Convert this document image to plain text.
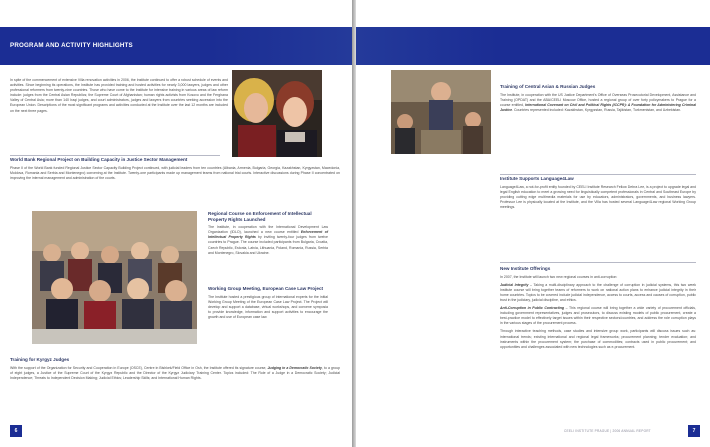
PROGRAM AND ACTIVITY HIGHLIGHTS
In spite of the commencement of extensive Villa renovation activities in 2006, the Institute continued to offer a robust schedule of events and activities. Since beginning its operations, the Institute has provided training and hosted activities for nearly 3,000 lawyers, judges and other professional reformers from twenty-nine countries. Those who have come to the Institute for intensive training in various areas of law reform include: judges from the Central Asian Republics; the Supreme Court of Afghanistan; human rights activists from Kosovo and the Ferghana Valley of Central Asia; more than 140 Iraqi judges, and court administrators, judges and lawyers from countries seeking accession into the European Union. Descriptions of the most significant programs and activities conducted at the Institute over the last 12 months are included on the next three pages.
World Bank Regional Project on Building Capacity in Justice Sector Management
Phase II of the World Bank funded Regional Justice Sector Capacity Building Project continued, with judicial leaders from ten countries (Albania, Armenia, Bulgaria, Georgia, Kazakhstan, Kyrgyzstan, Macedonia, Moldova, Romania and Serbia and Montenegro) convening at the Institute. Twenty-one participants made up management teams from national trial courts. Interactive discussions during Phase II concentrated on improving the internal management and administration of the courts.
Regional Course on Enforcement of Intellectual Property Rights Launched
The Institute, in cooperation with the International Development Law Organization (IDLO), launched a new course entitled Enforcement of Intellectual Property Rights by inviting twenty-four judges from twelve countries to Prague. The course included participants from Bulgaria, Croatia, Czech Republic, Estonia, Latvia, Lithuania, Poland, Romania, Russia, Serbia and Montenegro, Slovakia and Ukraine.
Working Group Meeting, European Case Law Project
The Institute hosted a prestigious group of international experts for the initial Working Group Meeting of the European Case Law Project. The Project will develop and support a database, virtual workshops, and convene symposia to provide knowledge, information and support activities to encourage the growth and use of European case law.
Training for Kyrgyz Judges
With the support of the Organization for Security and Cooperation in Europe (OSCE), Centre in Bishkek/Field Office in Osh, the Institute offered its signature course, Judging in a Democratic Society, to a group of eight judges, a Justice of the Supreme Court of the Kyrgyz Republic and the Director of the Kyrgyz Judiciary Training Center. Topics included: The Role of a Judge in a Democratic Society; Judicial Independence; Threats to Independent Decision Making; Judicial Ethics; Leadership Skills; and International Human Rights.
6
Training of Central Asian & Russian Judges
The Institute, in cooperation with the US Justice Department's Office of Overseas Prosecutorial Development, Assistance and Training (OPDAT) and the ABA/CEELI Moscow Office, hosted a regional group of over forty policymakers to Prague for a course entitled, International Covenant on Civil and Political Rights (ICCPR): A Foundation for Administering Criminal Justice. Countries represented included: Kazakhstan, Kyrgyzstan, Russia, Tajikistan, Turkmenistan, and Uzbekistan.
Institute Supports Language4Law
Language4Law, a not-for-profit entity founded by CEELI Institute Research Fellow Debra Lee, is a project to upgrade legal and legal English education to meet a growing need for linguistically competent professionals in Central and Southeast Europe by providing cutting edge multimedia materials for use by educators, administrators, governments, and business lawyers. Professor Lee is physically located at the Institute, and the Villa has hosted several Language4Law regional Working Group meetings.
New Institute Offerings
In 2007, the Institute will launch two new regional courses in anti-corruption:
Judicial Integrity – Taking a multi-disciplinary approach to the challenge of corruption in judicial systems, this two week Institute course will bring together teams of reformers to work on national action plans to enhance judicial integrity in their home countries. Topics to be covered include judicial independence, access to courts, access and causes of corruption, public trust in the judiciary, judicial discipline, and ethics.
Anti-Corruption in Public Contracting – This regional course will bring together a wide variety of procurement officials, including government representatives, judges and prosecutors, to discuss existing models of public procurement, create a best-practice model to effectively target issues within their respective sectors/countries, and address the role corruption plays in the various stages of the procurement process.
Through interactive teaching methods, case studies and intensive group work, participants will discuss issues such as: international trends; existing international and regional legal frameworks; procurement planning; tender evaluation; and instruments within the procurement system; the purchase of commodities; contracts used in public procurement; and opportunities and challenges associated with new technologies such as e-procurement.
CEELI INSTITUTE PRAGUE | 2006 ANNUAL REPORT	7
